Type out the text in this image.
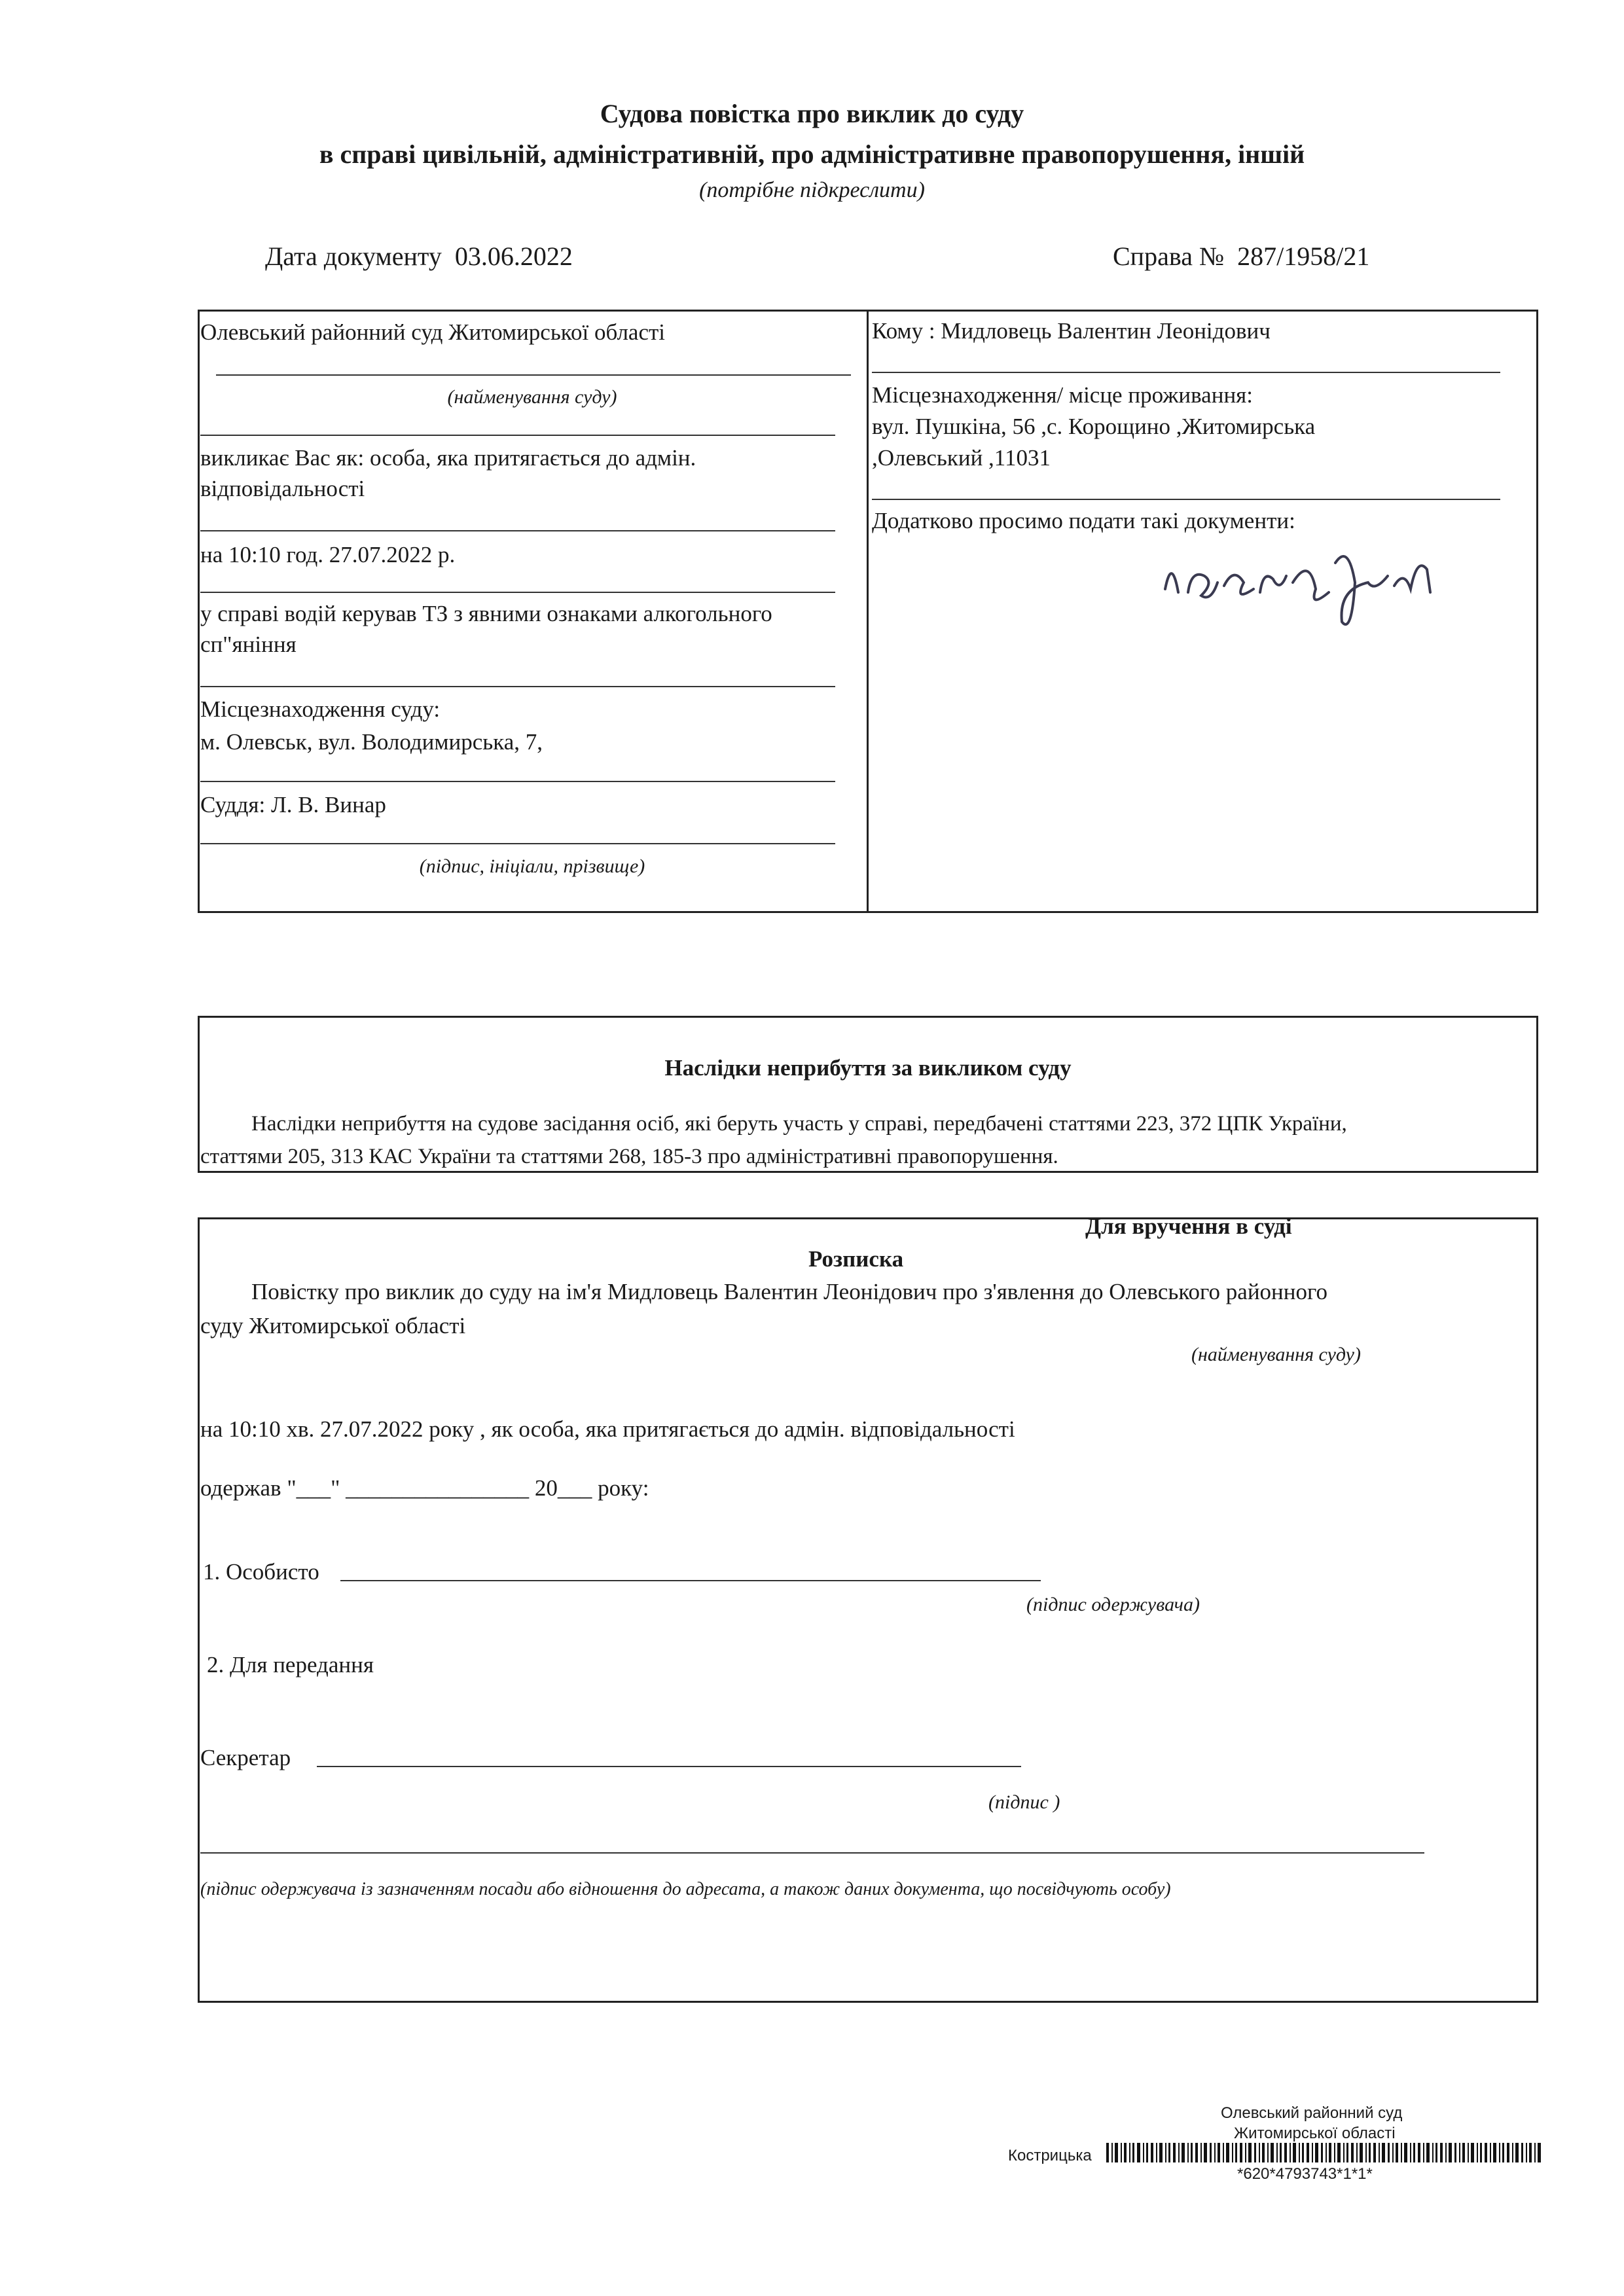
Судова повістка про виклик до суду
в справі цивільній, адміністративній, про адміністративне правопорушення, іншій
(потрібне підкреслити)
Дата документу 03.06.2022	Справа № 287/1958/21
Олевський районний суд Житомирської області
(найменування суду)
викликає Вас як: особа, яка притягається до адмін. відповідальності
на 10:10 год. 27.07.2022 р.
у справі водій керував ТЗ з явними ознаками алкогольного сп"яніння
Місцезнаходження суду:
м. Олевськ, вул. Володимирська, 7,
Суддя: Л. В. Винар
(підпис, ініціали, прізвище)
Кому : Мидловець Валентин Леонідович
Місцезнаходження/ місце проживання:
вул. Пушкіна, 56 ,с. Корощино ,Житомирська
,Олевський ,11031
Додатково просимо подати такі документи:
Наслідки неприбуття за викликом суду
Наслідки неприбуття на судове засідання осіб, які беруть участь у справі, передбачені статтями 223, 372 ЦПК України,
статтями 205, 313 КАС України та статтями 268, 185-3 про адміністративні правопорушення.
Для вручення в суді
Розписка
Повістку про виклик до суду на ім'я Мидловець Валентин Леонідович про з'явлення до Олевського районного
суду Житомирської області
(найменування суду)
на 10:10 хв. 27.07.2022 року , як особа, яка притягається до адмін. відповідальності
одержав "___" ________________ 20___ року:
1. Особисто
(підпис одержувача)
2. Для передання
Секретар
(підпис )
(підпис одержувача із зазначенням посади або відношення до адресата, а також даних документа, що посвідчують особу)
Олевський районний суд
Житомирської області
Кострицька
*620*4793743*1*1*
